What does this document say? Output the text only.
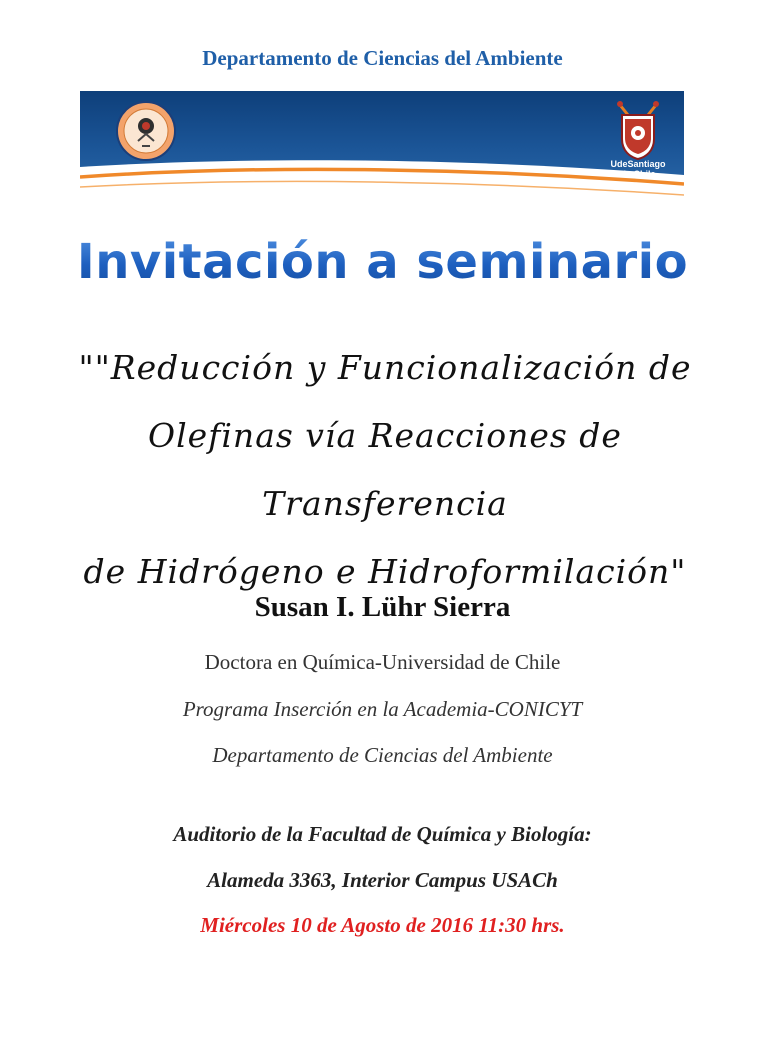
Departamento de Ciencias del Ambiente
UdeSantiago
de Chile
Invitación a seminario
""Reducción y Funcionalización de
Olefinas vía Reacciones de Transferencia
de Hidrógeno e Hidroformilación"
Susan I. Lühr Sierra
Doctora en Química-Universidad de Chile
Programa Inserción en la Academia-CONICYT
Departamento de Ciencias del Ambiente
Auditorio de la Facultad de Química y Biología:
Alameda 3363, Interior Campus USACh
Miércoles 10 de Agosto de 2016 11:30 hrs.
